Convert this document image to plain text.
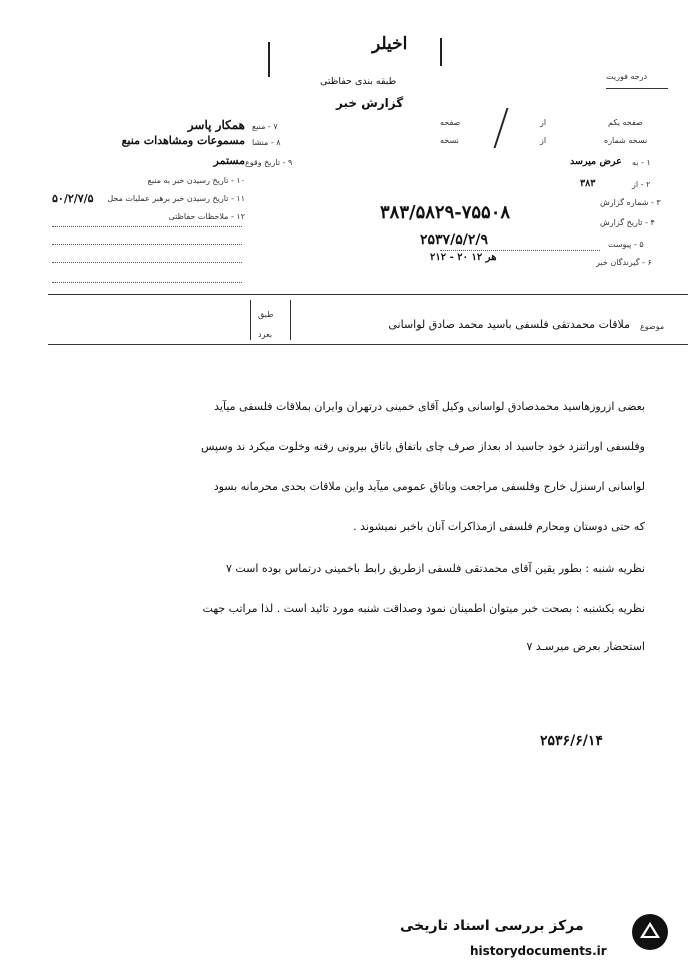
اخیلر
طبقه بندی حفاظتی
گزارش خبر
درجه فوریت
همکار پاسر ۷ - منبع
مسموعات ومشاهدات منبع ۸ - منشا
مستمر ۹ - تاریخ وقوع
۱۰ - تاریخ رسیدن خبر به منبع
۵۰/۲/۷/۵ ۱۱ - تاریخ رسیدن خبر برهبر عملیات محل
۱۲ - ملاحظات حفاظتی
صفحه یکم
از
صفحه
نسخه شماره
از
نسخه
۱ - به
عرض میرسد
۲ - از
۳۸۳
۳ - شماره گزارش
۳۸۳/۵۸۲۹-۷۵۵۰۸	۴ - تاریخ گزارش
۲۵۳۷/۵/۲/۹	۵ - پیوست
۶ - گیرندگان خبر
۲۱۲ - ۲۰ هر ۱۲
طبق
بعرد
موضوع
ملاقات محمدتقی فلسفی باسید محمد صادق لواسانی
بعضی ازروزهاسید محمدصادق لواسانی وکیل آقای خمینی درتهران وایران بملاقات فلسفی میآید
وفلسفی اوراتنزد خود جاسید اد بعداز صرف چای باتفاق باتاق بیرونی رفته وخلوت میکرد ند وسپس
لواسانی ارسنزل خارج وفلسفی مراجعت وباتاق عمومی میآید واین ملاقات بحدی محرمانه بسود
که حتی دوستان ومحارم فلسفی ازمذاکرات آنان باخبر نمیشوند .
نظریه شنبه : بطور یقین آقای محمدتقی فلسفی ازطریق رابط باخمینی درتماس بوده است ۷
نظریه یکشنبه : بصحت خبر میتوان اطمینان نمود وصداقت شنبه مورد تائید است . لذا مراتب جهت
استحضار بعرض میرسـد ۷
۲۵۳۶/۶/۱۴
مرکز بررسی اسناد تاریخی
historydocuments.ir
